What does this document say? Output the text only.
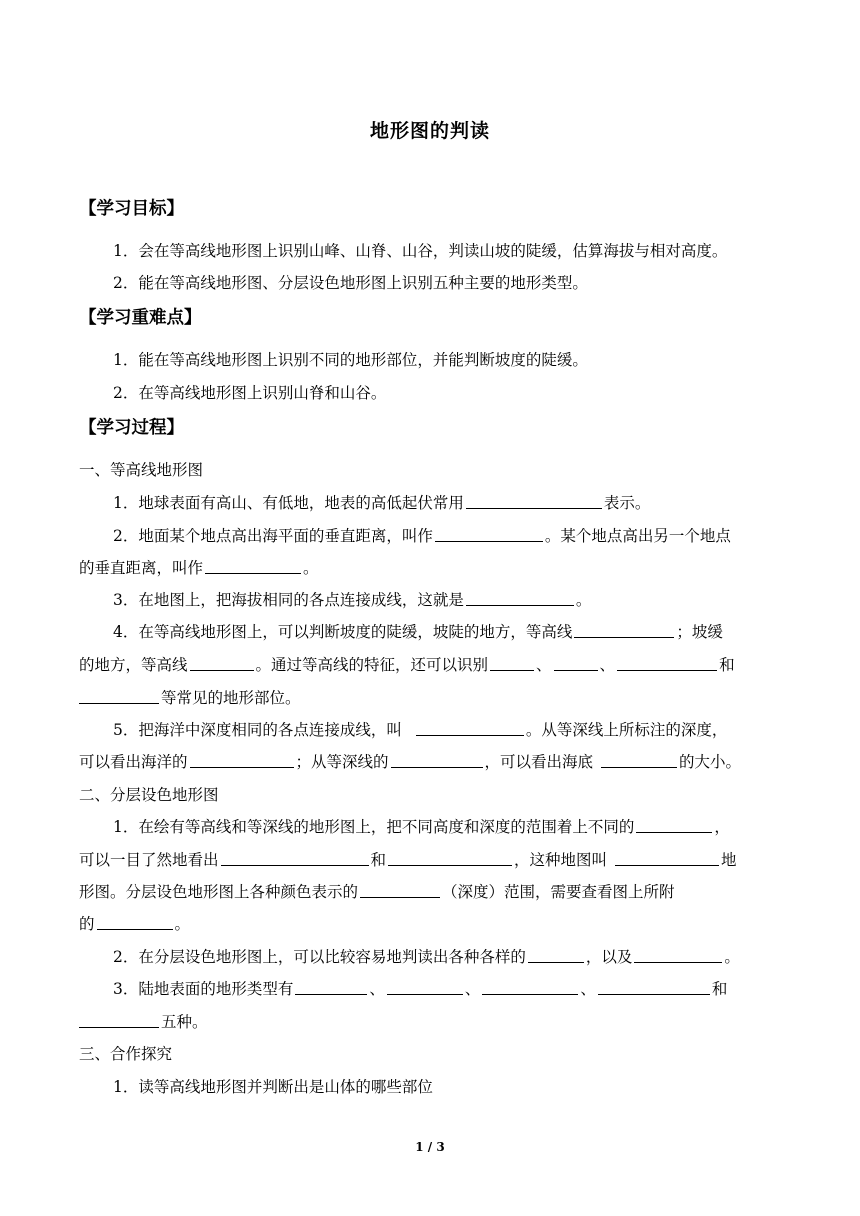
地形图的判读
【学习目标】
1．会在等高线地形图上识别山峰、山脊、山谷，判读山坡的陡缓，估算海拔与相对高度。
2．能在等高线地形图、分层设色地形图上识别五种主要的地形类型。
【学习重难点】
1．能在等高线地形图上识别不同的地形部位，并能判断坡度的陡缓。
2．在等高线地形图上识别山脊和山谷。
【学习过程】
一、等高线地形图
1．地球表面有高山、有低地，地表的高低起伏常用	表示。
2．地面某个地点高出海平面的垂直距离，叫作	。某个地点高出另一个地点
的垂直距离，叫作	。
3．在地图上，把海拔相同的各点连接成线，这就是	。
4．在等高线地形图上，可以判断坡度的陡缓，坡陡的地方，等高线	；坡缓
的地方，等高线	。通过等高线的特征，还可以识别	、	、	和
等常见的地形部位。
5．把海洋中深度相同的各点连接成线，叫	。从等深线上所标注的深度，
可以看出海洋的	；从等深线的	，可以看出海底	的大小。
二、分层设色地形图
1．在绘有等高线和等深线的地形图上，把不同高度和深度的范围着上不同的	，
可以一目了然地看出	和	，这种地图叫	地
形图。分层设色地形图上各种颜色表示的	（深度）范围，需要查看图上所附
的	。
2．在分层设色地形图上，可以比较容易地判读出各种各样的	，以及	。
3．陆地表面的地形类型有	、	、	、	和
五种。
三、合作探究
1．读等高线地形图并判断出是山体的哪些部位
1 / 3
